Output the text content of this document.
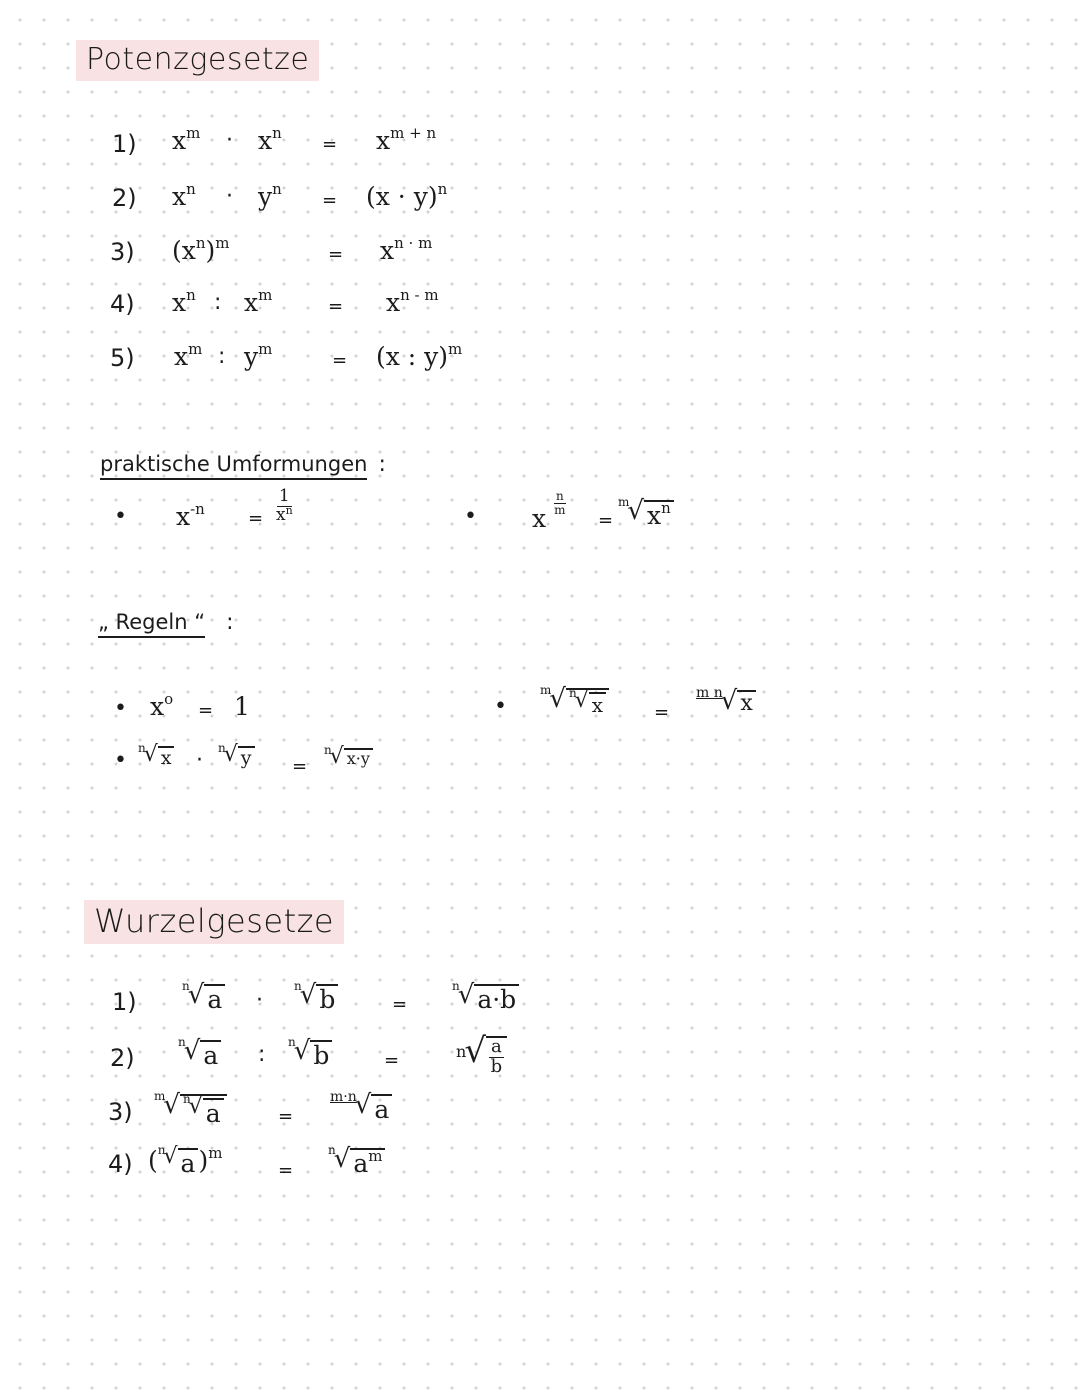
Potenzgesetze
1) $x^m \cdot x^n$
= $x^{m + n}$
2) $x^n \cdot y^n$
= $(x \cdot y)^n$
3) $(x^n)^m$
= $x^{n \cdot m}$
4) $x^n$ : $x^m$
= $x^{n - m}$
5) $x^m$ : $y^m$
= (x : y)$^m$
praktische Umformungen :
• $x^{-n} = \frac{1}{x^n}$	• x
$\frac{n}{m}$
=
m
√ $x^n$
„ Regeln “ :
• $x^o$
= 1	•
m
√ n
√ x	=
m n
√ x
• n
√ x · n
√ y =
n
√ x·y
Wurzelgesetze
1)
n
√ a ·
n
√ b	=
n
√ a·b
2)
n
√ a : n
√ b	=	n
√ $\frac{a}{b}$
3)
m
√ n
√ a	=
m·n
√ a
4) ( n
√ a )$^m$
=
n
√ $a^m$
